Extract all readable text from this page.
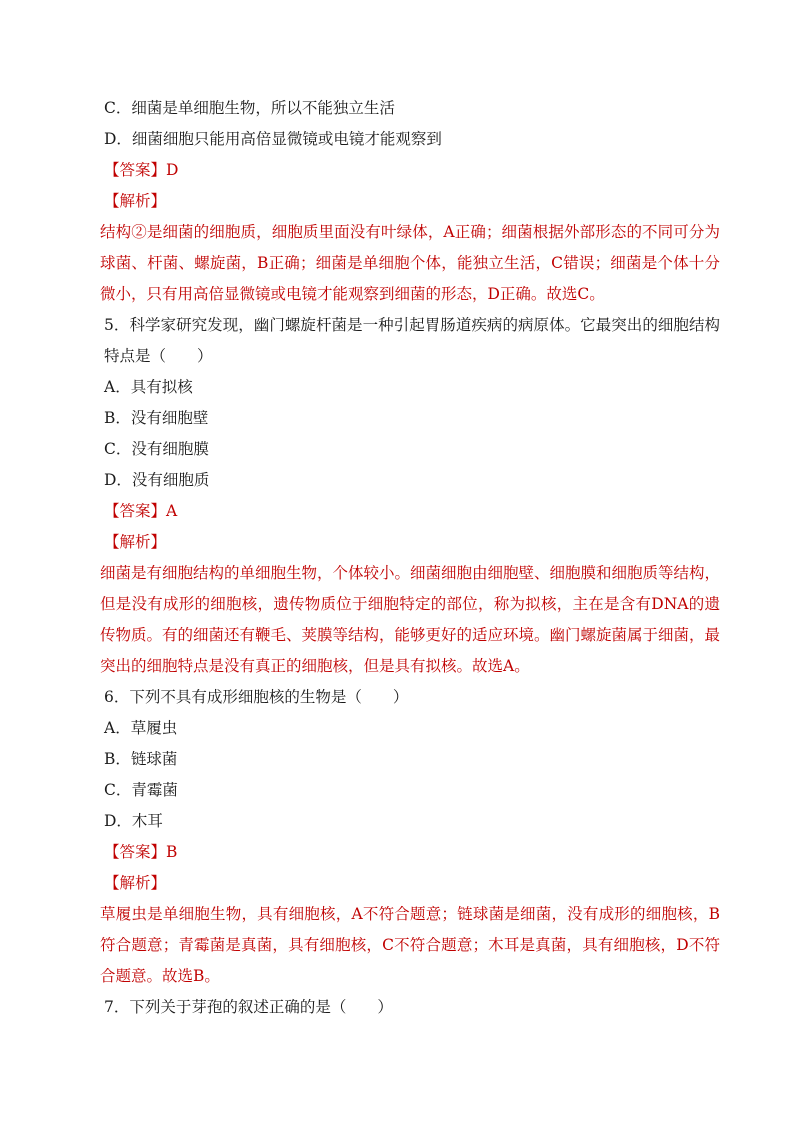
C．细菌是单细胞生物，所以不能独立生活
D．细菌细胞只能用高倍显微镜或电镜才能观察到
【答案】D
【解析】
结构②是细菌的细胞质，细胞质里面没有叶绿体，A正确；细菌根据外部形态的不同可分为球菌、杆菌、螺旋菌，B正确；细菌是单细胞个体，能独立生活，C错误；细菌是个体十分微小，只有用高倍显微镜或电镜才能观察到细菌的形态，D正确。故选C。
5．科学家研究发现，幽门螺旋杆菌是一种引起胃肠道疾病的病原体。它最突出的细胞结构特点是（　　）
A．具有拟核
B．没有细胞壁
C．没有细胞膜
D．没有细胞质
【答案】A
【解析】
细菌是有细胞结构的单细胞生物，个体较小。细菌细胞由细胞壁、细胞膜和细胞质等结构，但是没有成形的细胞核，遗传物质位于细胞特定的部位，称为拟核，主在是含有DNA的遗传物质。有的细菌还有鞭毛、荚膜等结构，能够更好的适应环境。幽门螺旋菌属于细菌，最突出的细胞特点是没有真正的细胞核，但是具有拟核。故选A。
6．下列不具有成形细胞核的生物是（　　）
A．草履虫
B．链球菌
C．青霉菌
D．木耳
【答案】B
【解析】
草履虫是单细胞生物，具有细胞核，A不符合题意；链球菌是细菌，没有成形的细胞核，B符合题意；青霉菌是真菌，具有细胞核，C不符合题意；木耳是真菌，具有细胞核，D不符合题意。故选B。
7．下列关于芽孢的叙述正确的是（　　）
